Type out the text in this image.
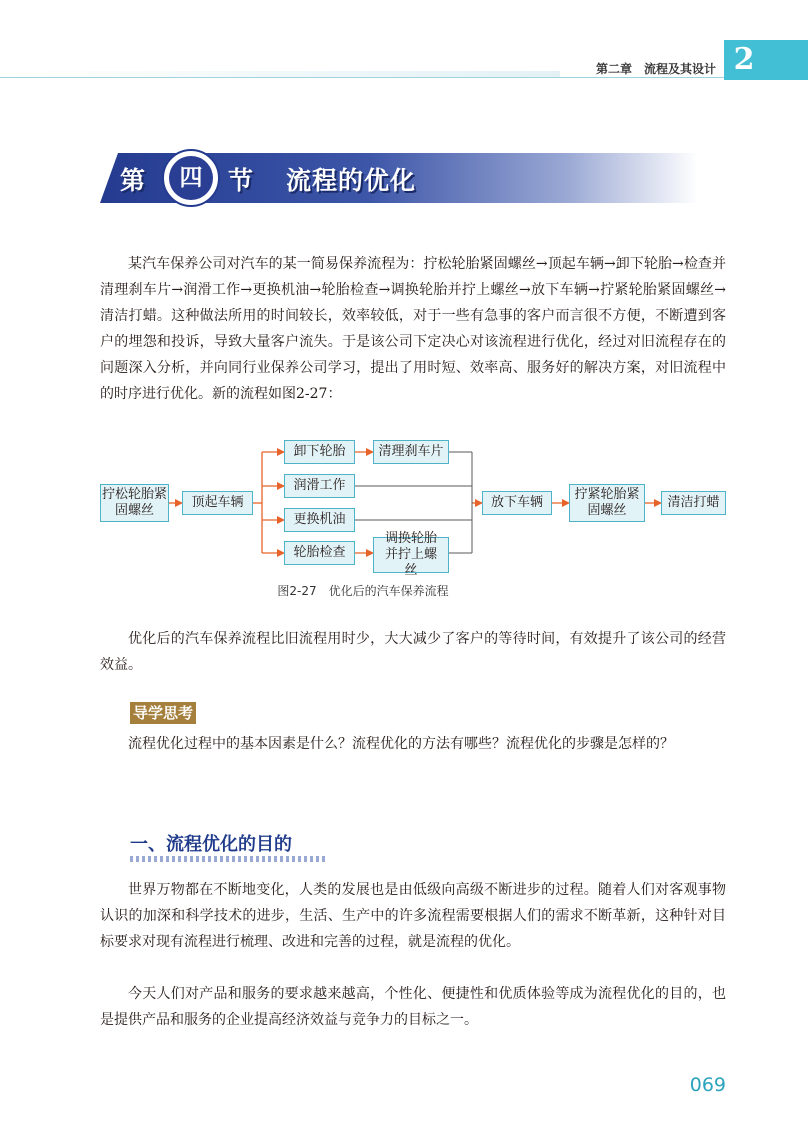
第二章　流程及其设计 2
第	四	节 流程的优化
某汽车保养公司对汽车的某一简易保养流程为：拧松轮胎紧固螺丝→顶起车辆→卸下轮胎→检查并清理刹车片→润滑工作→更换机油→轮胎检查→调换轮胎并拧上螺丝→放下车辆→拧紧轮胎紧固螺丝→清洁打蜡。这种做法所用的时间较长，效率较低，对于一些有急事的客户而言很不方便，不断遭到客户的埋怨和投诉，导致大量客户流失。于是该公司下定决心对该流程进行优化，经过对旧流程存在的问题深入分析，并向同行业保养公司学习，提出了用时短、效率高、服务好的解决方案，对旧流程中的时序进行优化。新的流程如图2-27：
拧松轮胎紧固螺丝
顶起车辆
卸下轮胎	清理刹车片
润滑工作
更换机油
轮胎检查
调换轮胎并拧上螺丝
放下车辆
拧紧轮胎紧固螺丝
清洁打蜡
图2-27　优化后的汽车保养流程
优化后的汽车保养流程比旧流程用时少，大大减少了客户的等待时间，有效提升了该公司的经营效益。
导学思考
流程优化过程中的基本因素是什么？流程优化的方法有哪些？流程优化的步骤是怎样的？
一、流程优化的目的
世界万物都在不断地变化，人类的发展也是由低级向高级不断进步的过程。随着人们对客观事物认识的加深和科学技术的进步，生活、生产中的许多流程需要根据人们的需求不断革新，这种针对目标要求对现有流程进行梳理、改进和完善的过程，就是流程的优化。
今天人们对产品和服务的要求越来越高，个性化、便捷性和优质体验等成为流程优化的目的，也是提供产品和服务的企业提高经济效益与竞争力的目标之一。
069
